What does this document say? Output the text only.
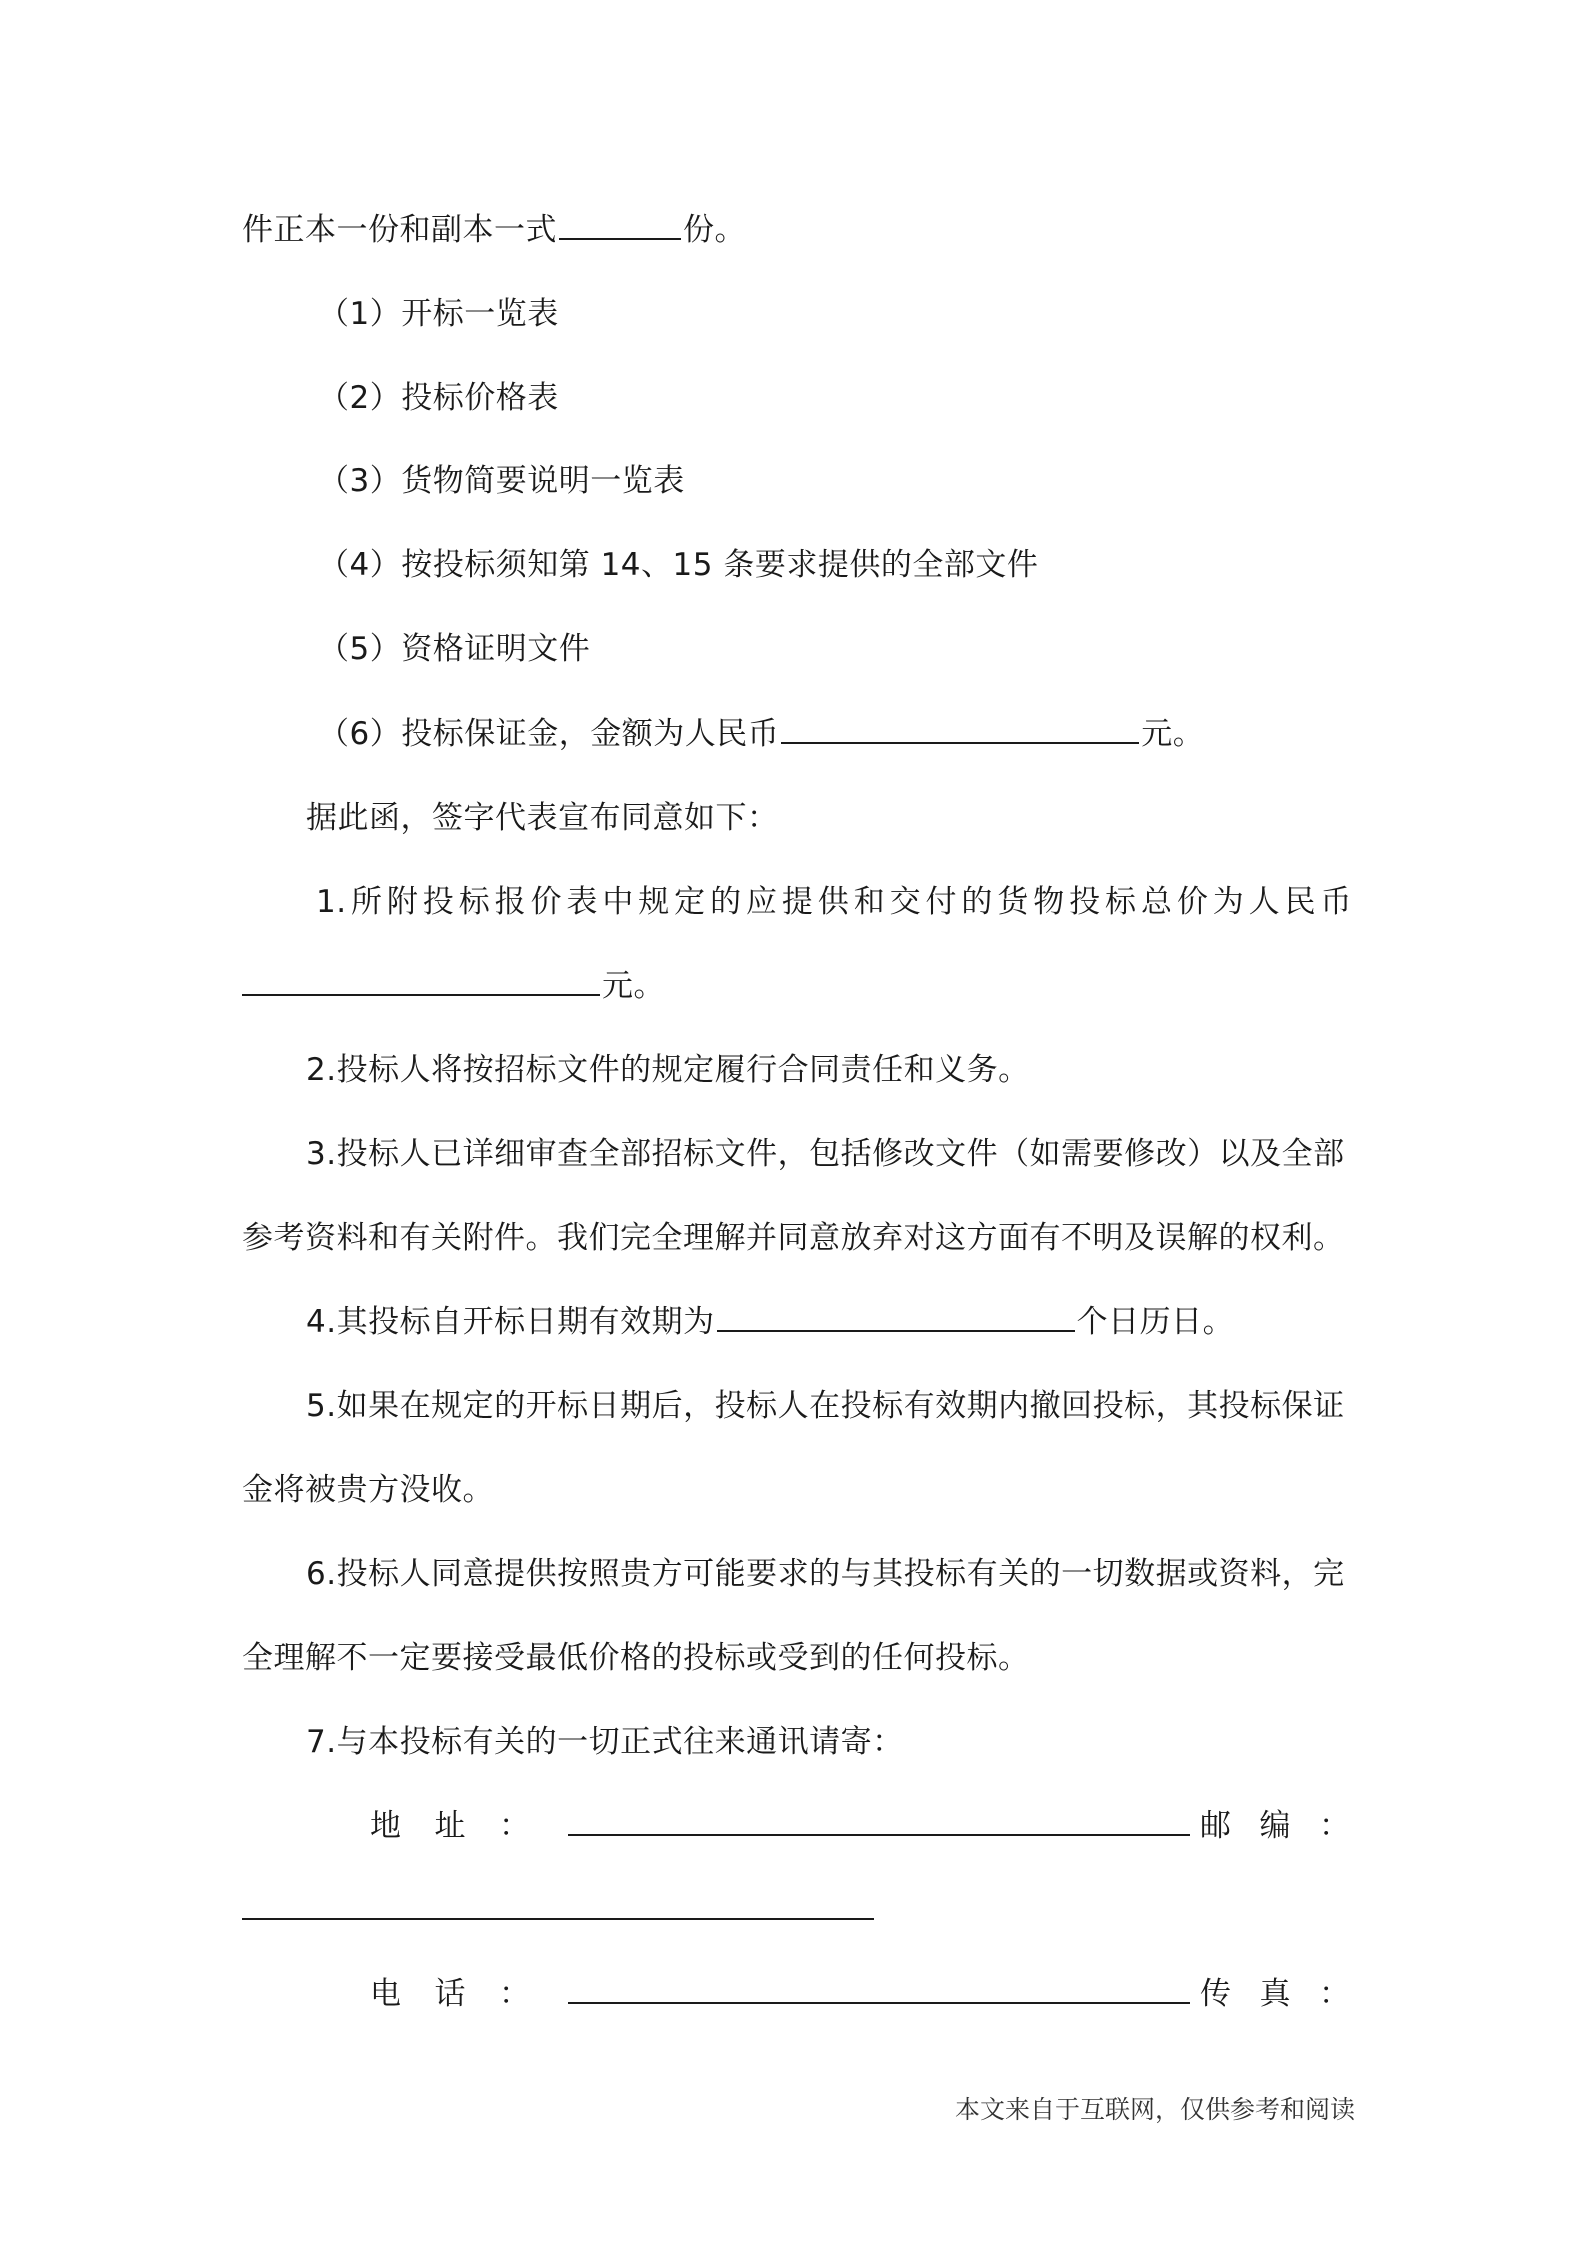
件正本一份和副本一式	份。
（1）开标一览表
（2）投标价格表
（3）货物简要说明一览表
（4）按投标须知第 14、15 条要求提供的全部文件
（5）资格证明文件
（6）投标保证金，金额为人民币	元。
据此函，签字代表宣布同意如下：
1.所附投标报价表中规定的应提供和交付的货物投标总价为人民币
元。
2.投标人将按招标文件的规定履行合同责任和义务。
3.投标人已详细审查全部招标文件，包括修改文件（如需要修改）以及全部
参考资料和有关附件。我们完全理解并同意放弃对这方面有不明及误解的权利。
4.其投标自开标日期有效期为	个日历日。
5.如果在规定的开标日期后，投标人在投标有效期内撤回投标，其投标保证
金将被贵方没收。
6.投标人同意提供按照贵方可能要求的与其投标有关的一切数据或资料，完
全理解不一定要接受最低价格的投标或受到的任何投标。
7.与本投标有关的一切正式往来通讯请寄：
地 址 ：	邮 编 ：
电 话 ：	传 真 ：
本文来自于互联网，仅供参考和阅读
